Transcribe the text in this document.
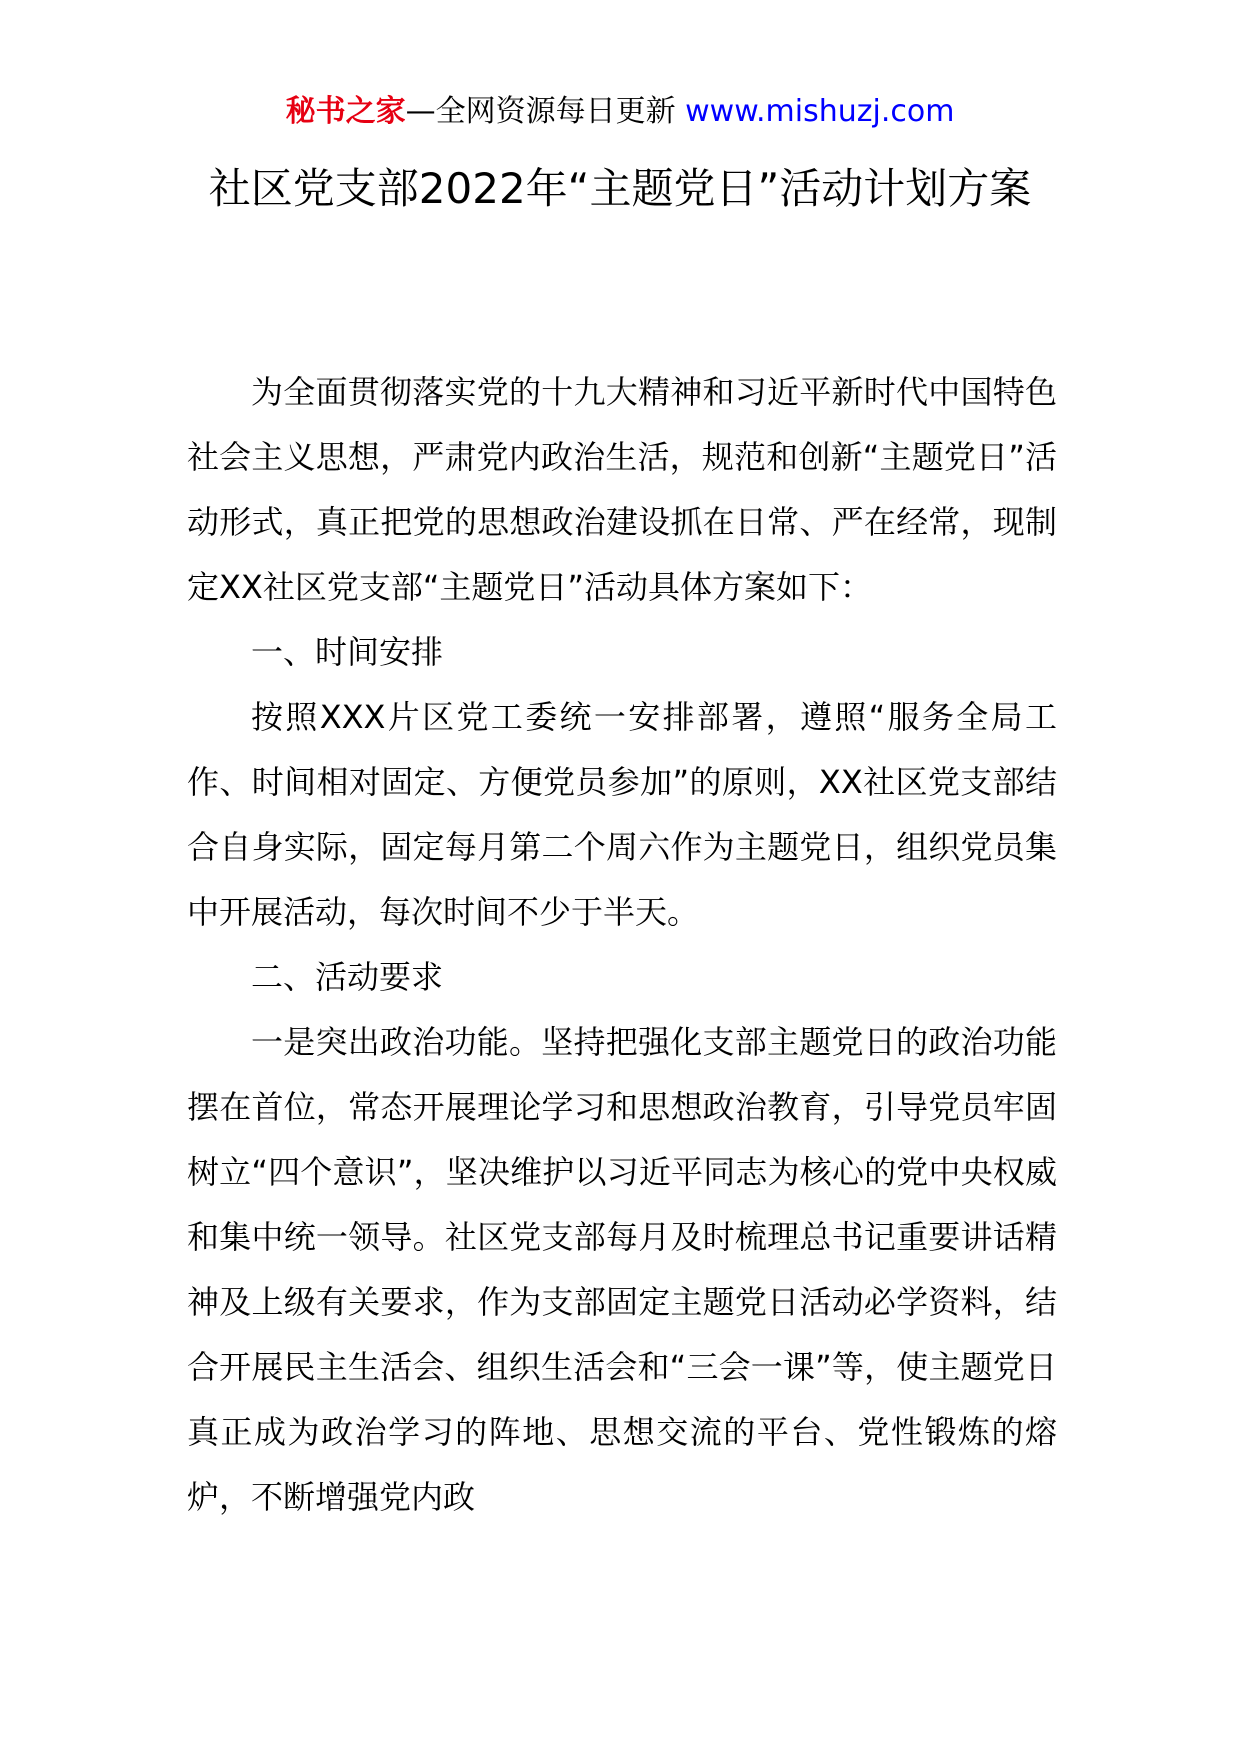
秘书之家—全网资源每日更新 www.mishuzj.com
社区党支部2022年“主题党日”活动计划方案

为全面贯彻落实党的十九大精神和习近平新时代中国特色社会主义思想，严肃党内政治生活，规范和创新“主题党日”活动形式，真正把党的思想政治建设抓在日常、严在经常，现制定XX社区党支部“主题党日”活动具体方案如下：

一、时间安排

按照XXX片区党工委统一安排部署，遵照“服务全局工作、时间相对固定、方便党员参加”的原则，XX社区党支部结合自身实际，固定每月第二个周六作为主题党日，组织党员集中开展活动，每次时间不少于半天。

二、活动要求

一是突出政治功能。坚持把强化支部主题党日的政治功能摆在首位，常态开展理论学习和思想政治教育，引导党员牢固树立“四个意识”，坚决维护以习近平同志为核心的党中央权威和集中统一领导。社区党支部每月及时梳理总书记重要讲话精神及上级有关要求，作为支部固定主题党日活动必学资料，结合开展民主生活会、组织生活会和“三会一课”等，使主题党日真正成为政治学习的阵地、思想交流的平台、党性锻炼的熔炉，不断增强党内政
